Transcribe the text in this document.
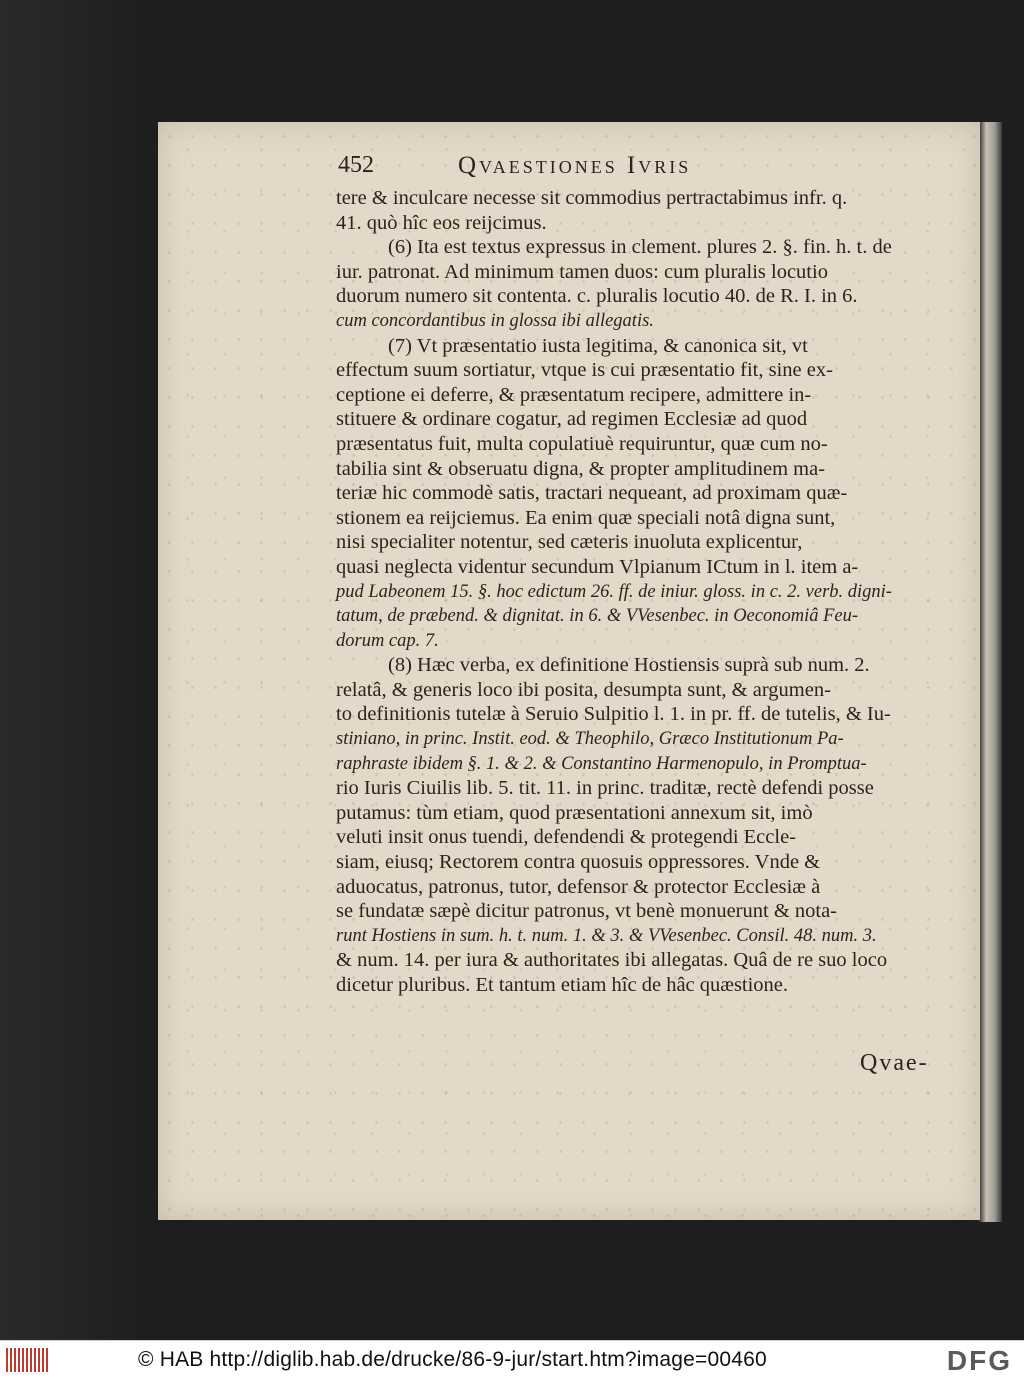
452	Qvaestiones Ivris
tere & inculcare necesse sit commodius pertractabimus infr. q.
41. quò hîc eos reijcimus.
(6) Ita est textus expressus in clement. plures 2. §. fin. h. t. de
iur. patronat. Ad minimum tamen duos: cum pluralis locutio
duorum numero sit contenta. c. pluralis locutio 40. de R. I. in 6.
cum concordantibus in glossa ibi allegatis.
(7) Vt præsentatio iusta legitima, & canonica sit, vt
effectum suum sortiatur, vtque is cui præsentatio fit, sine ex-
ceptione ei deferre, & præsentatum recipere, admittere in-
stituere & ordinare cogatur, ad regimen Ecclesiæ ad quod
præsentatus fuit, multa copulatiuè requiruntur, quæ cum no-
tabilia sint & obseruatu digna, & propter amplitudinem ma-
teriæ hic commodè satis, tractari nequeant, ad proximam quæ-
stionem ea reijciemus. Ea enim quæ speciali notâ digna sunt,
nisi specialiter notentur, sed cæteris inuoluta explicentur,
quasi neglecta videntur secundum Vlpianum ICtum in l. item a-
pud Labeonem 15. §. hoc edictum 26. ff. de iniur. gloss. in c. 2. verb. digni-
tatum, de præbend. & dignitat. in 6. & VVesenbec. in Oeconomiâ Feu-
dorum cap. 7.
(8) Hæc verba, ex definitione Hostiensis suprà sub num. 2.
relatâ, & generis loco ibi posita, desumpta sunt, & argumen-
to definitionis tutelæ à Seruio Sulpitio l. 1. in pr. ff. de tutelis, & Iu-
stiniano, in princ. Instit. eod. & Theophilo, Græco Institutionum Pa-
raphraste ibidem §. 1. & 2. & Constantino Harmenopulo, in Promptua-
rio Iuris Ciuilis lib. 5. tit. 11. in princ. traditæ, rectè defendi posse
putamus: tùm etiam, quod præsentationi annexum sit, imò
veluti insit onus tuendi, defendendi & protegendi Eccle-
siam, eiusq; Rectorem contra quosuis oppressores. Vnde &
aduocatus, patronus, tutor, defensor & protector Ecclesiæ à
se fundatæ sæpè dicitur patronus, vt benè monuerunt & nota-
runt Hostiens in sum. h. t. num. 1. & 3. & VVesenbec. Consil. 48. num. 3.
& num. 14. per iura & authoritates ibi allegatas. Quâ de re suo loco
dicetur pluribus. Et tantum etiam hîc de hâc quæstione.
Qvae-
© HAB http://diglib.hab.de/drucke/86-9-jur/start.htm?image=00460	DFG
